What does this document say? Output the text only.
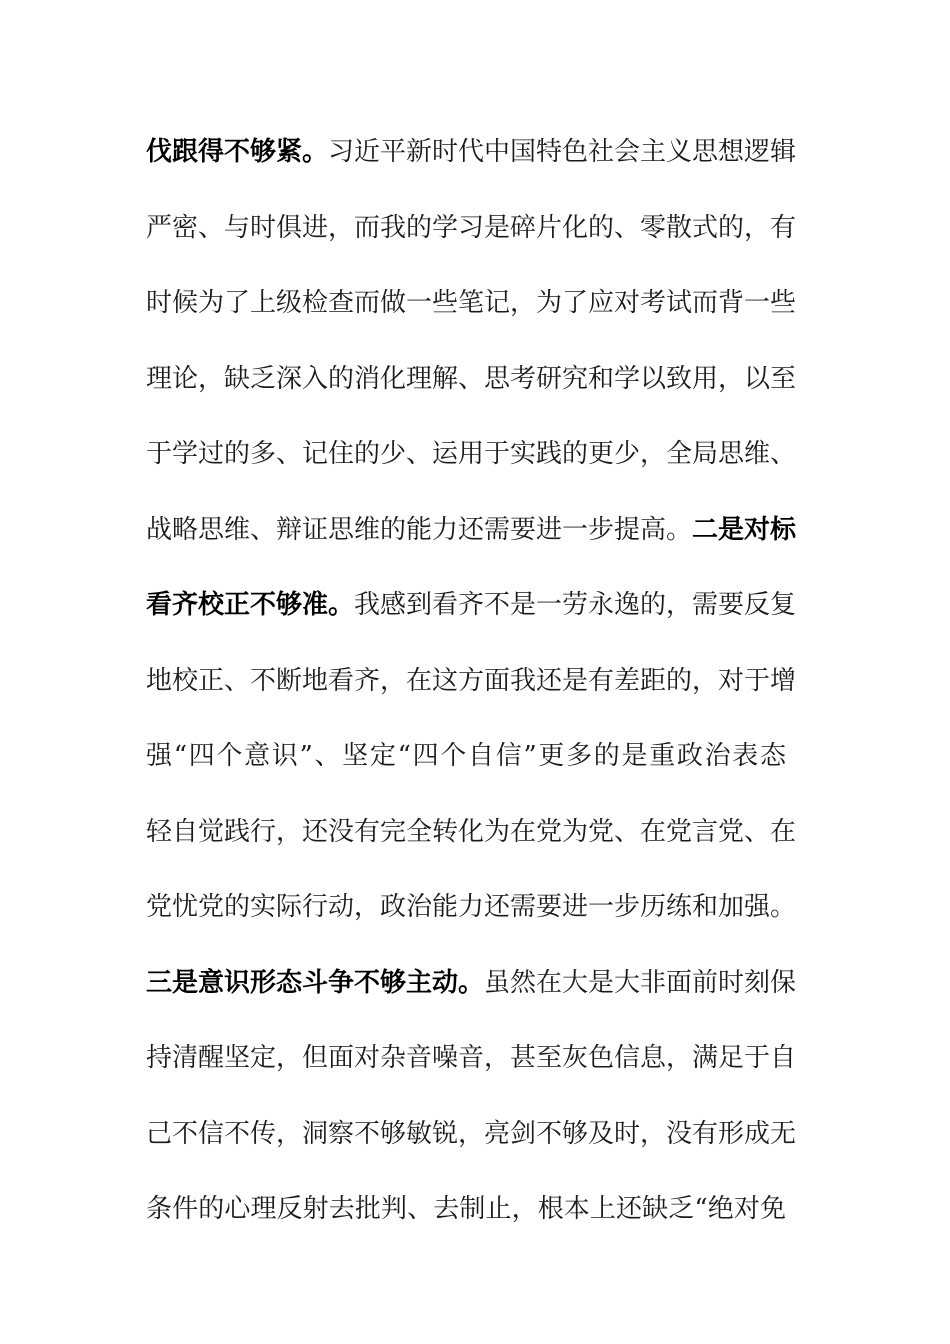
伐跟得不够紧。习近平新时代中国特色社会主义思想逻辑
严密、与时俱进，而我的学习是碎片化的、零散式的，有
时候为了上级检查而做一些笔记，为了应对考试而背一些
理论，缺乏深入的消化理解、思考研究和学以致用，以至
于学过的多、记住的少、运用于实践的更少，全局思维、
战略思维、辩证思维的能力还需要进一步提高。二是对标
看齐校正不够准。我感到看齐不是一劳永逸的，需要反复
地校正、不断地看齐，在这方面我还是有差距的，对于增
强“四个意识”、坚定“四个自信”更多的是重政治表态
轻自觉践行，还没有完全转化为在党为党、在党言党、在
党忧党的实际行动，政治能力还需要进一步历练和加强。
三是意识形态斗争不够主动。虽然在大是大非面前时刻保
持清醒坚定，但面对杂音噪音，甚至灰色信息，满足于自
己不信不传，洞察不够敏锐，亮剑不够及时，没有形成无
条件的心理反射去批判、去制止，根本上还缺乏“绝对免
